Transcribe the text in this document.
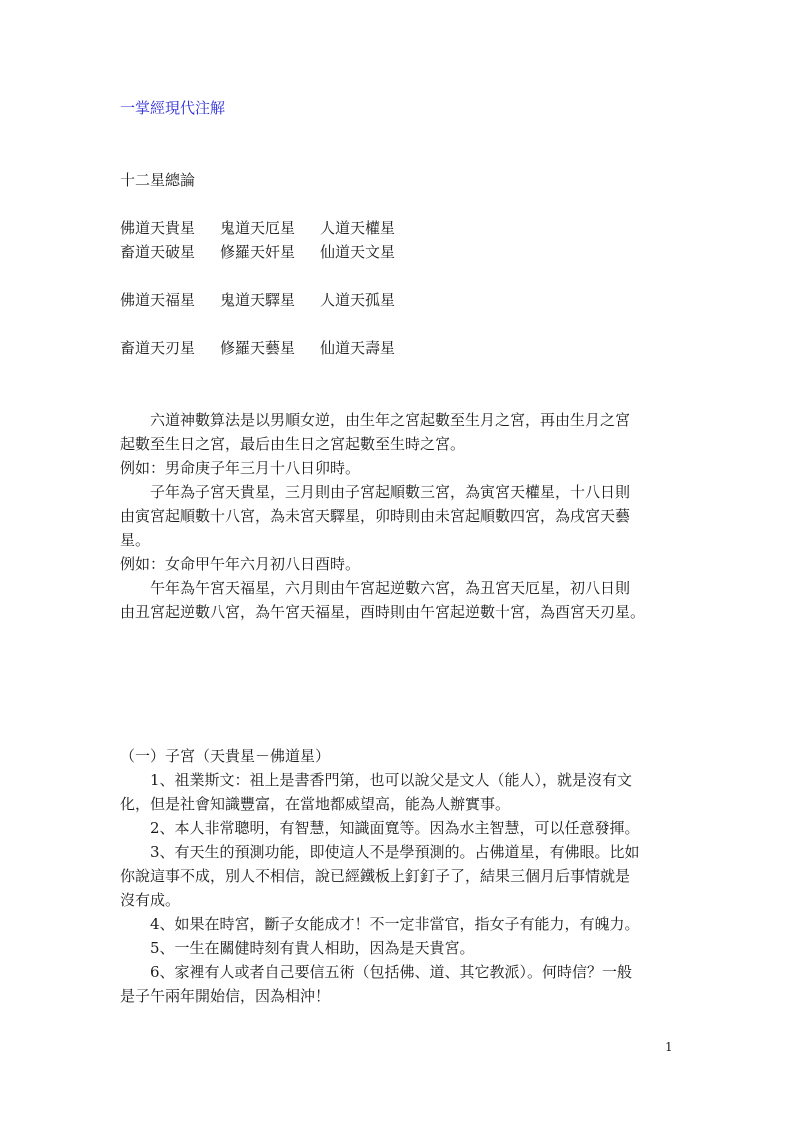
一掌經現代注解
十二星總論
佛道天貴星 鬼道天厄星 人道天權星
畜道天破星 修羅天奸星 仙道天文星
佛道天福星 鬼道天驛星 人道天孤星
畜道天刃星 修羅天藝星 仙道天壽星
六道神數算法是以男順女逆，由生年之宮起數至生月之宮，再由生月之宮
起數至生日之宮，最后由生日之宮起數至生時之宮。
例如：男命庚子年三月十八日卯時。
子年為子宮天貴星，三月則由子宮起順數三宮，為寅宮天權星，十八日則
由寅宮起順數十八宮，為未宮天驛星，卯時則由未宮起順數四宮，為戌宮天藝
星。
例如：女命甲午年六月初八日酉時。
午年為午宮天福星，六月則由午宮起逆數六宮，為丑宮天厄星，初八日則
由丑宮起逆數八宮，為午宮天福星，酉時則由午宮起逆數十宮，為酉宮天刃星。
（一）子宮（天貴星－佛道星）
1、祖業斯文：祖上是書香門第，也可以說父是文人（能人），就是沒有文
化，但是社會知識豐富，在當地都威望高，能為人辦實事。
2、本人非常聰明，有智慧，知識面寬等。因為水主智慧，可以任意發揮。
3、有天生的預測功能，即使這人不是學預測的。占佛道星，有佛眼。比如
你說這事不成，別人不相信，說已經鐵板上釘釘子了，結果三個月后事情就是
沒有成。
4、如果在時宮，斷子女能成才！不一定非當官，指女子有能力，有魄力。
5、一生在關健時刻有貴人相助，因為是天貴宮。
6、家裡有人或者自己要信五術（包括佛、道、其它教派）。何時信？一般
是子午兩年開始信，因為相沖！
1
